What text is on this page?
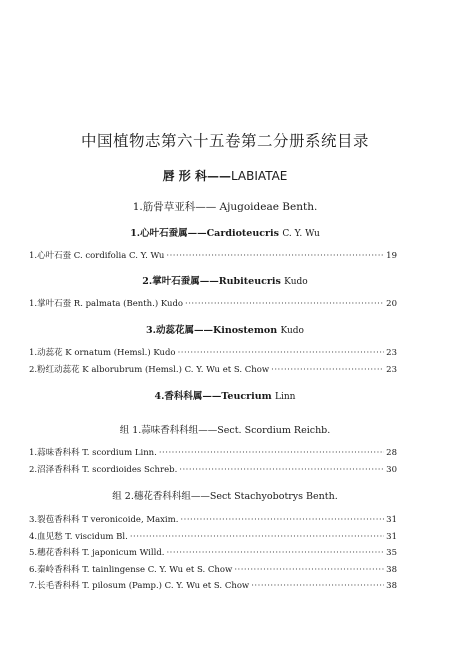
中国植物志第六十五卷第二分册系统目录
唇 形 科——LABIATAE
1.筋骨草亚科—— Ajugoideae Benth.
1.心叶石蚕属——Cardioteucris C. Y. Wu
1.心叶石蚕 C. cordifolia C. Y. Wu ·····	19
2.掌叶石蚕属——Rubiteucris Kudo
1.掌叶石蚕 R. palmata (Benth.) Kudo ·····	20
3.动蕊花属——Kinostemon Kudo
1.动蕊花 K ornatum (Hemsl.) Kudo ·····	23
2.粉红动蕊花 K alborubrum (Hemsl.) C. Y. Wu et S. Chow ·····	23
4.香科科属——Teucrium Linn
组 1.蒜味香科科组——Sect. Scordium Reichb.
1.蒜味香科科 T. scordium Linn. ·····	28
2.沼泽香科科 T. scordioides Schreb. ·····	30
组 2.穗花香科科组——Sect Stachyobotrys Benth.
3.裂苞香科科 T veronicoide, Maxim. ·····	31
4.血见愁 T. viscidum Bl. ·····	31
5.穗花香科科 T. japonicum Willd. ·····	35
6.秦岭香科科 T. tainlingense C. Y. Wu et S. Chow ·····	38
7.长毛香科科 T. pilosum (Pamp.) C. Y. Wu et S. Chow ·····	38
